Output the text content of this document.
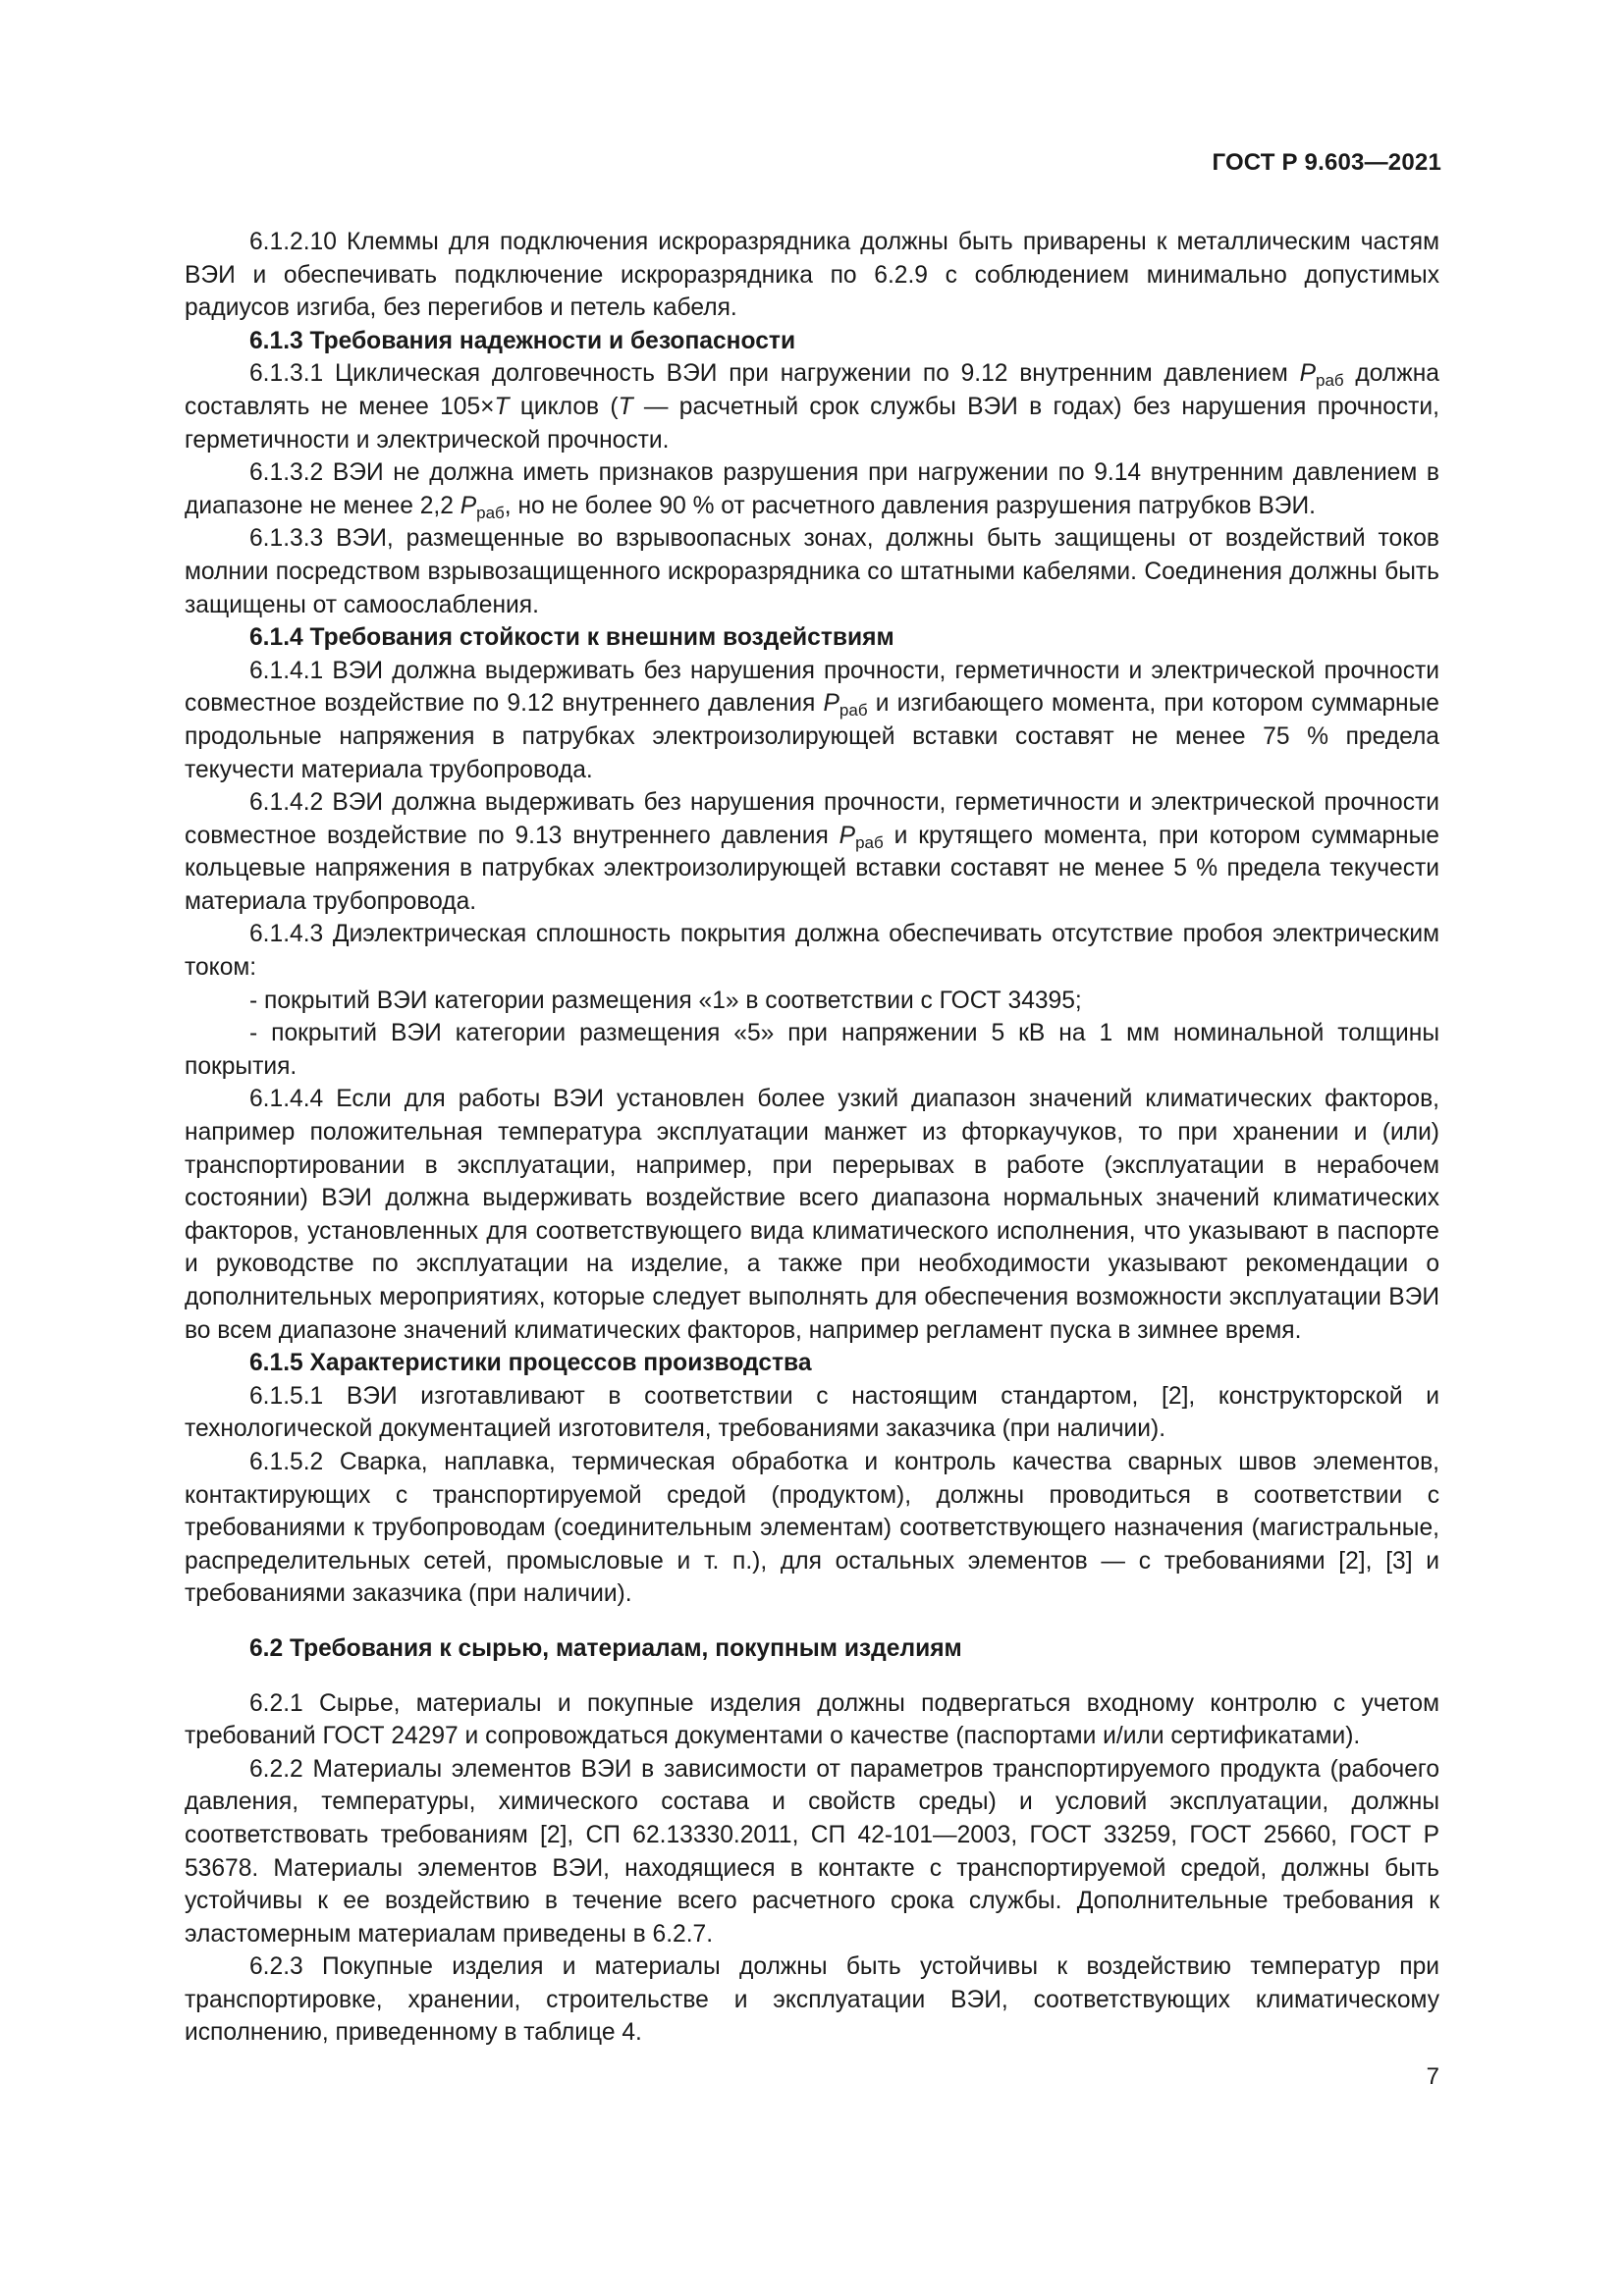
ГОСТ Р 9.603—2021

6.1.2.10 Клеммы для подключения искроразрядника должны быть приварены к металлическим частям ВЭИ и обеспечивать подключение искроразрядника по 6.2.9 с соблюдением минимально допустимых радиусов изгиба, без перегибов и петель кабеля.

6.1.3 Требования надежности и безопасности

6.1.3.1 Циклическая долговечность ВЭИ при нагружении по 9.12 внутренним давлением $P_{раб}$ должна составлять не менее 105×T циклов (T — расчетный срок службы ВЭИ в годах) без нарушения прочности, герметичности и электрической прочности.

6.1.3.2 ВЭИ не должна иметь признаков разрушения при нагружении по 9.14 внутренним давлением в диапазоне не менее 2,2 $P_{раб}$, но не более 90 % от расчетного давления разрушения патрубков ВЭИ.

6.1.3.3 ВЭИ, размещенные во взрывоопасных зонах, должны быть защищены от воздействий токов молнии посредством взрывозащищенного искроразрядника со штатными кабелями. Соединения должны быть защищены от самоослабления.

6.1.4 Требования стойкости к внешним воздействиям

6.1.4.1 ВЭИ должна выдерживать без нарушения прочности, герметичности и электрической прочности совместное воздействие по 9.12 внутреннего давления $P_{раб}$ и изгибающего момента, при котором суммарные продольные напряжения в патрубках электроизолирующей вставки составят не менее 75 % предела текучести материала трубопровода.

6.1.4.2 ВЭИ должна выдерживать без нарушения прочности, герметичности и электрической прочности совместное воздействие по 9.13 внутреннего давления $P_{раб}$ и крутящего момента, при котором суммарные кольцевые напряжения в патрубках электроизолирующей вставки составят не менее 5 % предела текучести материала трубопровода.

6.1.4.3 Диэлектрическая сплошность покрытия должна обеспечивать отсутствие пробоя электрическим током:

- покрытий ВЭИ категории размещения «1» в соответствии с ГОСТ 34395;

- покрытий ВЭИ категории размещения «5» при напряжении 5 кВ на 1 мм номинальной толщины покрытия.

6.1.4.4 Если для работы ВЭИ установлен более узкий диапазон значений климатических факторов, например положительная температура эксплуатации манжет из фторкаучуков, то при хранении и (или) транспортировании в эксплуатации, например, при перерывах в работе (эксплуатации в нерабочем состоянии) ВЭИ должна выдерживать воздействие всего диапазона нормальных значений климатических факторов, установленных для соответствующего вида климатического исполнения, что указывают в паспорте и руководстве по эксплуатации на изделие, а также при необходимости указывают рекомендации о дополнительных мероприятиях, которые следует выполнять для обеспечения возможности эксплуатации ВЭИ во всем диапазоне значений климатических факторов, например регламент пуска в зимнее время.

6.1.5 Характеристики процессов производства

6.1.5.1 ВЭИ изготавливают в соответствии с настоящим стандартом, [2], конструкторской и технологической документацией изготовителя, требованиями заказчика (при наличии).

6.1.5.2 Сварка, наплавка, термическая обработка и контроль качества сварных швов элементов, контактирующих с транспортируемой средой (продуктом), должны проводиться в соответствии с требованиями к трубопроводам (соединительным элементам) соответствующего назначения (магистральные, распределительных сетей, промысловые и т. п.), для остальных элементов — с требованиями [2], [3] и требованиями заказчика (при наличии).

6.2 Требования к сырью, материалам, покупным изделиям

6.2.1 Сырье, материалы и покупные изделия должны подвергаться входному контролю с учетом требований ГОСТ 24297 и сопровождаться документами о качестве (паспортами и/или сертификатами).

6.2.2 Материалы элементов ВЭИ в зависимости от параметров транспортируемого продукта (рабочего давления, температуры, химического состава и свойств среды) и условий эксплуатации, должны соответствовать требованиям [2], СП 62.13330.2011, СП 42-101—2003, ГОСТ 33259, ГОСТ 25660, ГОСТ Р 53678. Материалы элементов ВЭИ, находящиеся в контакте с транспортируемой средой, должны быть устойчивы к ее воздействию в течение всего расчетного срока службы. Дополнительные требования к эластомерным материалам приведены в 6.2.7.

6.2.3 Покупные изделия и материалы должны быть устойчивы к воздействию температур при транспортировке, хранении, строительстве и эксплуатации ВЭИ, соответствующих климатическому исполнению, приведенному в таблице 4.

7
